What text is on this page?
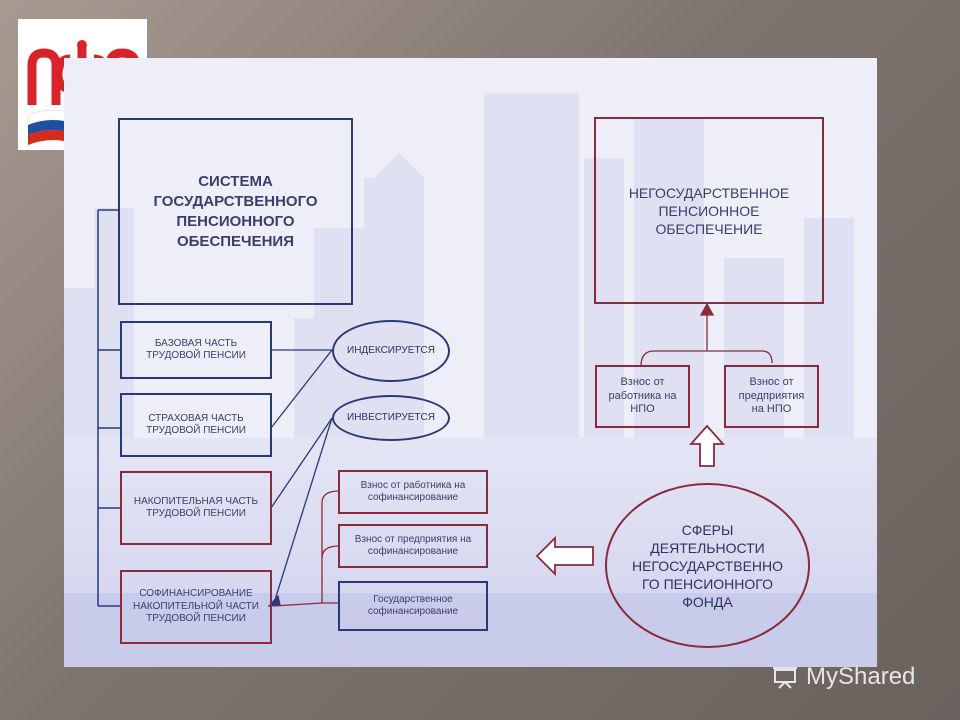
ПФР
СИСТЕМА ГОСУДАРСТВЕННОГО ПЕНСИОННОГО ОБЕСПЕЧЕНИЯ
БАЗОВАЯ ЧАСТЬ ТРУДОВОЙ ПЕНСИИ
СТРАХОВАЯ ЧАСТЬ ТРУДОВОЙ ПЕНСИИ
НАКОПИТЕЛЬНАЯ ЧАСТЬ ТРУДОВОЙ ПЕНСИИ
СОФИНАНСИРОВАНИЕ НАКОПИТЕЛЬНОЙ ЧАСТИ ТРУДОВОЙ ПЕНСИИ
ИНДЕКСИРУЕТСЯ
ИНВЕСТИРУЕТСЯ
Взнос от работника на софинансирование
Взнос от предприятия на софинансирование
Государственное софинансирование
НЕГОСУДАРСТВЕННОЕ ПЕНСИОННОЕ ОБЕСПЕЧЕНИЕ
Взнос от работника на НПО
Взнос от предприятия на НПО
СФЕРЫ ДЕЯТЕЛЬНОСТИ НЕГОСУДАРСТВЕННО ГО ПЕНСИОННОГО ФОНДА
MyShared
